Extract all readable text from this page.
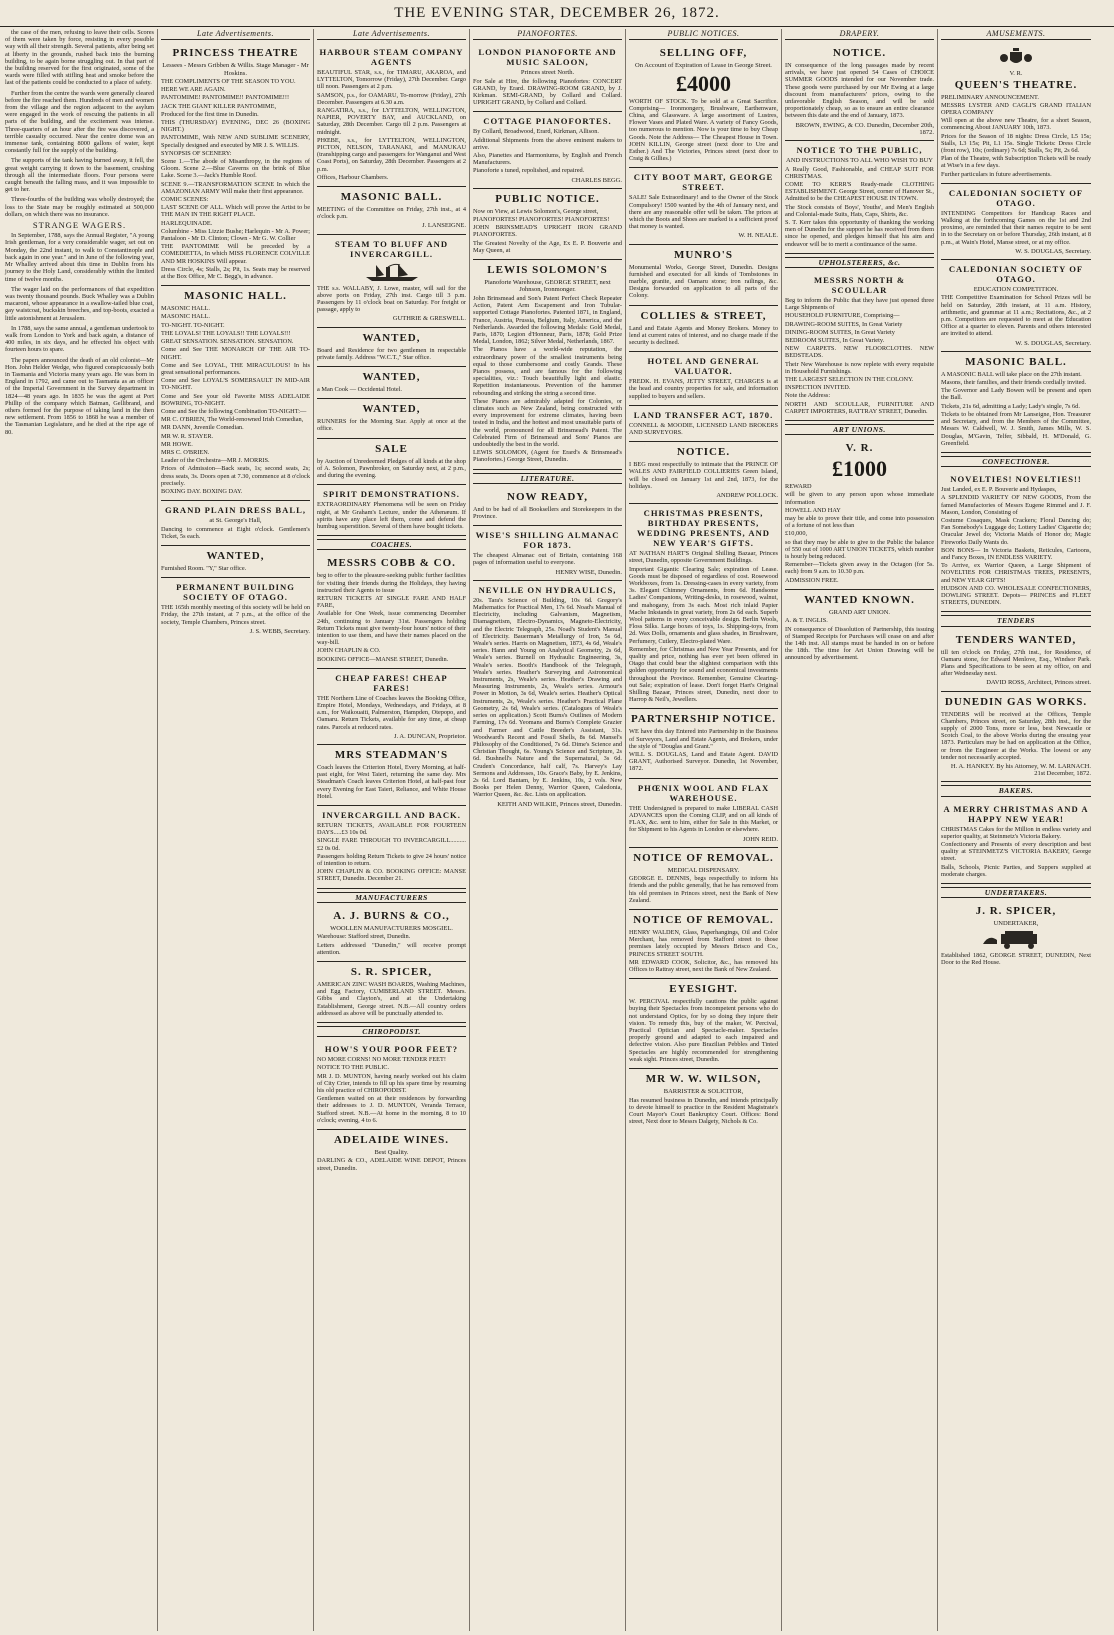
THE EVENING STAR, DECEMBER 26, 1872.

the case of the men, refusing to leave their cells. Scores of them were taken by force, resisting in every possible way with all their strength. Several patients, after being set at liberty in the grounds, rushed back into the burning building, to be again borne struggling out. In that part of the building reserved for the first originated, some of the wards were filled with stifling heat and smoke before the last of the patients could be conducted to a place of safety.

Further from the centre the wards were generally cleared before the fire reached them. Hundreds of men and women from the village and the region adjacent to the asylum were engaged in the work of rescuing the patients in all parts of the building, and the excitement was intense. Three-quarters of an hour after the fire was discovered, a terrible casualty occurred. Near the centre dome was an immense tank, containing 8000 gallons of water, kept constantly full for the supply of the building.

The supports of the tank having burned away, it fell, the great weight carrying it down to the basement, crushing through all the intermediate floors. Four persons were caught beneath the falling mass, and it was impossible to get to her.

Three-fourths of the building was wholly destroyed; the loss to the State may be roughly estimated at 500,000 dollars, on which there was no insurance.

STRANGE WAGERS.

In September, 1788, says the Annual Register, "A young Irish gentleman, for a very considerable wager, set out on Monday, the 22nd instant, to walk to Constantinople and back again in one year." and in June of the following year, Mr Whalley arrived about this time in Dublin from his journey to the Holy Land, considerably within the limited time of twelve months.

The wager laid on the performances of that expedition was twenty thousand pounds. Buck Whalley was a Dublin macaroni, whose appearance in a swallow-tailed blue coat, gay waistcoat, buckskin breeches, and top-boots, exacted a little astonishment at Jerusalem.

In 1788, says the same annual, a gentleman undertook to walk from London to York and back again, a distance of 400 miles, in six days, and he effected his object with fourteen hours to spare.

The papers announced the death of an old colonist—Mr Hon. John Helder Wedge, who figured conspicuously both in Tasmania and Victoria many years ago. He was born in England in 1792, and came out to Tasmania as an officer of the Imperial Government in the Survey department in 1824—48 years ago. In 1835 he was the agent at Port Phillip of the company which Batman, Gellibrand, and others formed for the purpose of taking land in the then new settlement. From 1856 to 1868 he was a member of the Tasmanian Legislature, and he died at the ripe age of 80.

Late Advertisements.
PRINCESS THEATRE
Lessees - Messrs Gribben & Willis. Stage Manager - Mr Hoskins.
THE COMPLIMENTS OF THE SEASON TO YOU.
HERE WE ARE AGAIN.
PANTOMIME! PANTOMIME!! PANTOMIME!!!
JACK THE GIANT KILLER PANTOMIME,
Produced for the first time in Dunedin.
THIS (THURSDAY) EVENING, DEC 26 (BOXING NIGHT.)
PANTOMIME, With NEW AND SUBLIME SCENERY, Specially designed and executed by MR J. S. WILLIS.
SYNOPSIS OF SCENERY:
Scene 1.—The abode of Misanthropy, in the regions of Gloom. Scene 2.—Blue Caverns on the brink of Blue Lake. Scene 3.—Jack's Humble Roof.
SCENE 9.—TRANSFORMATION SCENE In which the AMAZONIAN ARMY Will make their first appearance.
COMIC SCENES:
LAST SCENE OF ALL. Which will prove the Artist to be THE MAN IN THE RIGHT PLACE.
HARLEQUINADE.
Columbine - Miss Lizzie Bushe; Harlequin - Mr A. Power; Pantaloon - Mr D. Clinton; Clown - Mr G. W. Collier
THE PANTOMIME Will be preceded by a COMEDIETTA, In which MISS FLORENCE COLVILLE AND MR HOSKINS Will appear.
Dress Circle, 4s; Stalls, 2s; Pit, 1s. Seats may be reserved at the Box Office, Mr C. Begg's, in advance.
MASONIC HALL.
MASONIC HALL.
MASONIC HALL.
TO-NIGHT. TO-NIGHT.
THE LOYALS! THE LOYALS!! THE LOYALS!!!
GREAT SENSATION. SENSATION. SENSATION.
Come and See THE MONARCH OF THE AIR TO-NIGHT.
Come and See LOYAL, THE MIRACULOUS! In his great sensational performances.
Come and See LOYAL'S SOMERSAULT IN MID-AIR TO-NIGHT.
Come and See your old Favorite MISS ADELAIDE BOWRING, TO-NIGHT.
Come and See the following Combination TO-NIGHT:—
MR C. O'BRIEN, The World-renowned Irish Comedian,
MR DANN, Juvenile Comedian.
MR W. R. STAYER.
MR HOWE.
MRS C. O'BRIEN.
Leader of the Orchestra—MR J. MORRIS.
Prices of Admission—Back seats, 1s; second seats, 2s; dress seats, 3s. Doors open at 7.30, commence at 8 o'clock precisely.
BOXING DAY. BOXING DAY.
GRAND PLAIN DRESS BALL,
at St. George's Hall,
Dancing to commence at Eight o'clock. Gentlemen's Ticket, 5s each.
WANTED,
Furnished Room. "Y," Star office.
PERMANENT BUILDING SOCIETY OF OTAGO.
THE 165th monthly meeting of this society will be held on Friday, the 27th instant, at 7 p.m., at the office of the society, Temple Chambers, Princes street.
J. S. WEBB, Secretary.
Late Advertisements.
HARBOUR STEAM COMPANY AGENTS
BEAUTIFUL STAR, s.s., for TIMARU, AKAROA, and LYTTELTON, Tomorrow (Friday), 27th December. Cargo till noon. Passengers at 2 p.m.
SAMSON, p.s., for OAMARU, To-morrow (Friday), 27th December. Passengers at 6.30 a.m.
RANGATIRA, s.s., for LYTTELTON, WELLINGTON, NAPIER, POVERTY BAY, and AUCKLAND, on Saturday, 28th December. Cargo till 2 p.m. Passengers at midnight.
PHŒBE, s.s., for LYTTELTON, WELLINGTON, PICTON, NELSON, TARANAKI, and MANUKAU (transhipping cargo and passengers for Wanganui and West Coast Ports), on Saturday, 28th December. Passengers at 2 p.m.
Offices, Harbour Chambers.
MASONIC BALL.
MEETING of the Committee on Friday, 27th inst., at 4 o'clock p.m.
J. LANSEIGNE.
STEAM TO BLUFF AND INVERCARGILL.
THE s.s. WALLABY, J. Lowe, master, will sail for the above ports on Friday, 27th inst. Cargo till 3 p.m. Passengers by 11 o'clock boat on Saturday. For freight or passage, apply to
GUTHRIE & GRESWELL.
WANTED,
Board and Residence for two gentlemen in respectable private family. Address "W.C.T.," Star office.
WANTED,
a Man Cook — Occidental Hotel.
WANTED,
RUNNERS for the Morning Star. Apply at once at the office.
SALE
by Auction of Unredeemed Pledges of all kinds at the shop of A. Solomon, Pawnbroker, on Saturday next, at 2 p.m., and during the evening.
SPIRIT DEMONSTRATIONS.
EXTRAORDINARY Phenomena will be seen on Friday night, at Mr Graham's Lecture, under the Athenæum. If spirits have any place left them, come and defend the humbug superstition. Several of them have bought tickets.
COACHES.
MESSRS COBB & CO.
beg to offer to the pleasure-seeking public further facilities for visiting their friends during the Holidays, they having instructed their Agents to issue
RETURN TICKETS AT SINGLE FARE AND HALF FARE,
Available for One Week, issue commencing December 24th, continuing to January 31st. Passengers holding Return Tickets must give twenty-four hours' notice of their intention to use them, and have their names placed on the way-bill.
JOHN CHAPLIN & CO.
BOOKING OFFICE—MANSE STREET, Dunedin.
CHEAP FARES! CHEAP FARES!
THE Northern Line of Coaches leaves the Booking Office, Empire Hotel, Mondays, Wednesdays, and Fridays, at 8 a.m., for Waikouaiti, Palmerston, Hampden, Otepopo, and Oamaru. Return Tickets, available for any time, at cheap rates. Parcels at reduced rates.
J. A. DUNCAN, Proprietor.
MRS STEADMAN'S
Coach leaves the Criterion Hotel, Every Morning, at half-past eight, for West Taieri, returning the same day. Mrs Steadman's Coach leaves Criterion Hotel, at half-past four every Evening for East Taieri, Reliance, and White House Hotel.
INVERCARGILL AND BACK.
RETURN TICKETS, AVAILABLE FOR FOURTEEN DAYS.....£3 10s 0d.
SINGLE FARE THROUGH TO INVERCARGILL..........£2 0s 0d.
Passengers holding Return Tickets to give 24 hours' notice of intention to return.
JOHN CHAPLIN & CO. BOOKING OFFICE: MANSE STREET, Dunedin. December 21.
MANUFACTURERS
A. J. BURNS & CO.,
WOOLLEN MANUFACTURERS MOSGIEL.
Warehouse: Stafford street, Dunedin.
Letters addressed "Dunedin," will receive prompt attention.
S. R. SPICER,
AMERICAN ZINC WASH BOARDS, Washing Machines, and Egg Factory, CUMBERLAND STREET. Messrs. Gibbs and Clayton's, and at the Undertaking Establishment, George street. N.B.—All country orders addressed as above will be punctually attended to.
CHIROPODIST.
HOW'S YOUR POOR FEET?
NO MORE CORNS! NO MORE TENDER FEET!
NOTICE TO THE PUBLIC.
MR J. D. MUNTON, having nearly worked out his claim of City Crier, intends to fill up his spare time by resuming his old practice of CHIROPODIST.
Gentlemen waited on at their residences by forwarding their addresses to J. D. MUNTON, Veranda Terrace, Stafford street. N.B.—At home in the morning, 8 to 10 o'clock; evening, 4 to 6.
ADELAIDE WINES.
Best Quality.
DARLING & CO., ADELAIDE WINE DEPOT, Princes street, Dunedin.
PIANOFORTES.
LONDON PIANOFORTE AND MUSIC SALOON,
Princes street North.
For Sale at Hire, the following Pianofortes: CONCERT GRAND, by Erard. DRAWING-ROOM GRAND, by J. Kirkman. SEMI-GRAND, by Collard and Collard. UPRIGHT GRAND, by Collard and Collard.
COTTAGE PIANOFORTES.
By Collard, Broadwood, Erard, Kirkman, Allison.
Additional Shipments from the above eminent makers to arrive.
Also, Pianettes and Harmoniums, by English and French Manufacturers.
Pianoforte s tuned, repolished, and repaired.
CHARLES BEGG.
PUBLIC NOTICE.
Now on View, at Lewis Solomon's, George street,
PIANOFORTES! PIANOFORTES! PIANOFORTES!
JOHN BRINSMEAD'S UPRIGHT IRON GRAND PIANOFORTES.
The Greatest Novelty of the Age, Ex E. P. Bouverie and May Queen, at
LEWIS SOLOMON'S
Pianoforte Warehouse, GEORGE STREET, next Johnson, Ironmonger.
John Brinsmead and Son's Patent Perfect Check Repeater Action, Patent Arm Escapement and Iron Tubular-supported Cottage Pianofortes. Patented 1871, in England, France, Austria, Prussia, Belgium, Italy, America, and the Netherlands. Awarded the following Medals: Gold Medal, Paris, 1870; Legion d'Honneur, Paris, 1878; Gold Prize Medal, London, 1862; Silver Medal, Netherlands, 1867.
The Pianos have a world-wide reputation, the extraordinary power of the smallest instruments being equal to those cumbersome and costly Grands. These Pianos possess, and are famous for the following specialities, viz.: Touch beautifully light and elastic. Repetition instantaneous. Prevention of the hammer rebounding and striking the string a second time.
These Pianos are admirably adapted for Colonies, or climates such as New Zealand, being constructed with every improvement for extreme climates, having been tested in India, and the hottest and most unsuitable parts of the world, pronounced for all Brinsmead's Patent. The Celebrated Firm of Brinsmead and Sons' Pianos are undoubtedly the best in the world.
LEWIS SOLOMON, (Agent for Erard's & Brinsmead's Pianofortes.) George Street, Dunedin.
LITERATURE.
NOW READY,
And to be had of all Booksellers and Storekeepers in the Province.
WISE'S SHILLING ALMANAC FOR 1873.
The cheapest Almanac out of Britain, containing 168 pages of information useful to everyone.
HENRY WISE, Dunedin.
NEVILLE ON HYDRAULICS,
20s. Tara's Science of Building, 10s 6d. Gregory's Mathematics for Practical Men, 17s 6d. Noad's Manual of Electricity, including Galvanism, Magnetism, Diamagnetism, Electro-Dynamics, Magneto-Electricity, and the Electric Telegraph, 25s. Noad's Student's Manual of Electricity. Bauerman's Metallurgy of Iron, 5s 6d, Weale's series. Harris on Magnetism, 1873, 4s 6d, Weale's series. Hann and Young on Analytical Geometry, 2s 6d, Weale's series. Burnell on Hydraulic Engineering, 3s, Weale's series. Booth's Handbook of the Telegraph, Weale's series. Heather's Surveying and Astronomical Instruments, 2s, Weale's series. Heather's Drawing and Measuring Instruments, 2s, Weale's series. Armour's Power in Motion, 3s 6d, Weale's series. Heather's Optical Instruments, 2s, Weale's series. Heather's Practical Plane Geometry, 2s 6d, Weale's series. (Catalogues of Weale's series on application.) Scott Burns's Outlines of Modern Farming, 17s 6d. Yeomans and Burns's Complete Grazier and Farmer and Cattle Breeder's Assistant, 31s. Woodward's Recent and Fossil Shells, 8s 6d. Mansel's Philosophy of the Conditioned, 7s 6d. Dime's Science and Christian Thought, 6s. Young's Science and Scripture, 2s 6d. Bushnell's Nature and the Supernatural, 3s 6d. Cruden's Concordance, half calf, 7s. Harvey's Lay Sermons and Addresses, 10s. Grace's Baby, by E. Jenkins, 2s 6d. Lord Bantam, by E. Jenkins, 10s, 2 vols. New Books per Helen Denny, Warrior Queen, Caledonia, Warrior Queen, &c. &c. Lists on application.
KEITH AND WILKIE, Princes street, Dunedin.
PUBLIC NOTICES.
SELLING OFF,
On Account of Expiration of Lease in George Street.
£4000
WORTH OF STOCK. To be sold at a Great Sacrifice. Comprising— Ironmongery, Brushware, Earthenware, China, and Glassware. A large assortment of Lustres, Flower Vases and Plated Ware. A variety of Fancy Goods, too numerous to mention. Now is your time to buy Cheap Goods. Note the Address— The Cheapest House in Town. JOHN KILLIN, George street (next door to Ure and Esther.) And The Victories, Princes street (next door to Craig & Gillies.)
CITY BOOT MART, GEORGE STREET.
SALE! Sale Extraordinary! and to the Owner of the Stock Compulsory! 1500 wanted by the 4th of January next, and there are any reasonable offer will be taken. The prices at which the Boots and Shoes are marked is a sufficient proof that money is wanted.
W. H. NEALE.
MUNRO'S
Monumental Works, George Street, Dunedin. Designs furnished and executed for all kinds of Tombstones in marble, granite, and Oamaru stone; iron railings, &c. Designs forwarded on application to all parts of the Colony.
COLLIES & STREET,
Land and Estate Agents and Money Brokers. Money to lend at current rates of interest, and no charge made if the security is declined.
HOTEL AND GENERAL VALUATOR.
FREDK. H. EVANS, JETTY STREET, CHARGES is at the head and country properties for sale, and information supplied to buyers and sellers.
LAND TRANSFER ACT, 1870.
CONNELL & MOODIE, LICENSED LAND BROKERS AND SURVEYORS.
NOTICE.
I BEG most respectfully to intimate that the PRINCE OF WALES AND FAIRFIELD COLLIERIES Green Island, will be closed on January 1st and 2nd, 1873, for the holidays.
ANDREW POLLOCK.
CHRISTMAS PRESENTS, BIRTHDAY PRESENTS, WEDDING PRESENTS, AND NEW YEAR'S GIFTS.
AT NATHAN HART'S Original Shilling Bazaar, Princes street, Dunedin, opposite Government Buildings.
Important Gigantic Clearing Sale; expiration of Lease. Goods must be disposed of regardless of cost. Rosewood Workboxes, from 1s. Dressing-cases in every variety, from 3s. Elegant Chimney Ornaments, from 6d. Handsome Ladies' Companions, Writing-desks, in rosewood, walnut, and mahogany, from 3s each. Most rich inlaid Papier Mache Inkstands in great variety, from 2s 6d each. Superb Wool patterns in every conceivable design. Berlin Wools, Floss Silks. Large boxes of toys, 1s. Shipping-toys, from 2d. Wax Dolls, ornaments and glass shades, in Brushware, Perfumery, Cutlery, Electro-plated Ware.
Remember, for Christmas and New Year Presents, and for quality and price, nothing has ever yet been offered in Otago that could bear the slightest comparison with this golden opportunity for sound and economical investments throughout the Province. Remember, Genuine Clearing-out Sale; expiration of lease. Don't forget Hart's Original Shilling Bazaar, Princes street, Dunedin, next door to Harrop & Neil's, Jewellers.
PARTNERSHIP NOTICE.
WE have this day Entered into Partnership in the Business of Surveyors, Land and Estate Agents, and Brokers, under the style of "Douglas and Grant."
WILL S. DOUGLAS, Land and Estate Agent. DAVID GRANT, Authorised Surveyor. Dunedin, 1st November, 1872.
PHŒNIX WOOL AND FLAX WAREHOUSE.
THE Undersigned is prepared to make LIBERAL CASH ADVANCES upon the Coming CLIP, and on all kinds of FLAX, &c. sent to him, either for Sale in this Market, or for Shipment to his Agents in London or elsewhere.
JOHN REID.
NOTICE OF REMOVAL.
MEDICAL DISPENSARY.
GEORGE E. DENNIS, begs respectfully to inform his friends and the public generally, that he has removed from his old premises in Princes street, next the Bank of New Zealand.
NOTICE OF REMOVAL.
HENRY WALDEN, Glass, Paperhangings, Oil and Color Merchant, has removed from Stafford street to those premises lately occupied by Messrs Brisco and Co., PRINCES STREET SOUTH.
MR EDWARD COOK, Solicitor, &c., has removed his Offices to Rattray street, next the Bank of New Zealand.
EYESIGHT.
W. PERCIVAL respectfully cautions the public against buying their Spectacles from incompetent persons who do not understand Optics, for by so doing they injure their vision. To remedy this, buy of the maker, W. Percival, Practical Optician and Spectacle-maker. Spectacles properly ground and adapted to each impaired and defective vision. Also pure Brazilian Pebbles and Tinted Spectacles are highly recommended for strengthening weak sight. Princes street, Dunedin.
MR W. W. WILSON,
BARRISTER & SOLICITOR,
Has resumed business in Dunedin, and intends principally to devote himself to practice in the Resident Magistrate's Court Mayor's Court Bankruptcy Court. Offices: Bond street, Next door to Messrs Dalgety, Nichols & Co.
DRAPERY.
NOTICE.
IN consequence of the long passages made by recent arrivals, we have just opened 54 Cases of CHOICE SUMMER GOODS intended for our November trade. These goods were purchased by our Mr Ewing at a large discount from manufacturers' prices, owing to the unfavorable English Season, and will be sold proportionately cheap, so as to ensure an entire clearance between this date and the end of January, 1873.
BROWN, EWING, & CO. Dunedin, December 20th, 1872.
NOTICE TO THE PUBLIC,
AND INSTRUCTIONS TO ALL WHO WISH TO BUY
A Really Good, Fashionable, and CHEAP SUIT FOR CHRISTMAS.
COME TO KERR'S Ready-made CLOTHING ESTABLISHMENT. George Street, corner of Hanover St., Admitted to be the CHEAPEST HOUSE IN TOWN.
The Stock consists of Boys', Youths', and Men's English and Colonial-made Suits, Hats, Caps, Shirts, &c.
S. T. Kerr takes this opportunity of thanking the working men of Dunedin for the support he has received from them since he opened, and pledges himself that his aim and endeavor will be to merit a continuance of the same.
UPHOLSTERERS, &c.
MESSRS NORTH & SCOULLAR
Beg to inform the Public that they have just opened three Large Shipments of
HOUSEHOLD FURNITURE, Comprising—
DRAWING-ROOM SUITES, In Great Variety
DINING-ROOM SUITES, In Great Variety
BEDROOM SUITES, In Great Variety.
NEW CARPETS. NEW FLOORCLOTHS. NEW BEDSTEADS.
Their New Warehouse is now replete with every requisite in Household Furnishings.
THE LARGEST SELECTION IN THE COLONY.
INSPECTION INVITED.
Note the Address:
NORTH AND SCOULLAR, FURNITURE AND CARPET IMPORTERS, RATTRAY STREET, Dunedin.
ART UNIONS.
V. R.
£1000
REWARD
will be given to any person upon whose immediate information
HOWELL AND HAY
may be able to prove their title, and come into possession of a fortune of not less than
£10,000,
so that they may be able to give to the Public the balance of 550 out of 1000 ART UNION TICKETS, which number is hourly being reduced.
Remember—Tickets given away in the Octagon (for 5s. each) from 9 a.m. to 10.30 p.m.
ADMISSION FREE.
WANTED KNOWN.
GRAND ART UNION.
A. & T. INGLIS.
IN consequence of Dissolution of Partnership, this issuing of Stamped Receipts for Purchases will cease on and after the 14th inst. All stamps must be handed in on or before the 18th. The time for Art Union Drawing will be announced by advertisement.
AMUSEMENTS.
V. R.
QUEEN'S THEATRE.
PRELIMINARY ANNOUNCEMENT.
MESSRS LYSTER AND CAGLI'S GRAND ITALIAN OPERA COMPANY
Will open at the above new Theatre, for a short Season, commencing About JANUARY 10th, 1873.
Prices for the Season of 18 nights: Dress Circle, L5 15s; Stalls, L3 15s; Pit, L1 15s. Single Tickets: Dress Circle (front row), 10s; (ordinary) 7s 6d; Stalls, 5s; Pit, 2s 6d.
Plan of the Theatre, with Subscription Tickets will be ready at Wise's in a few days.
Further particulars in future advertisements.
CALEDONIAN SOCIETY OF OTAGO.
INTENDING Competitors for Handicap Races and Walking at the forthcoming Games on the 1st and 2nd proximo, are reminded that their names require to be sent in to the Secretary on or before Thursday, 26th instant, at 8 p.m., at Wain's Hotel, Manse street, or at my office.
W. S. DOUGLAS, Secretary.
CALEDONIAN SOCIETY OF OTAGO.
EDUCATION COMPETITION.
THE Competitive Examination for School Prizes will be held on Saturday, 28th instant, at 11 a.m. History, arithmetic, and grammar at 11 a.m.; Recitations, &c., at 2 p.m. Competitors are requested to meet at the Education Office at a quarter to eleven. Parents and others interested are invited to attend.
W. S. DOUGLAS, Secretary.
MASONIC BALL.
A MASONIC BALL will take place on the 27th instant.
Masons, their families, and their friends cordially invited.
The Governor and Lady Bowen will be present and open the Ball.
Tickets, 21s 6d, admitting a Lady; Lady's single, 7s 6d.
Tickets to be obtained from Mr Lanseigne, Hon. Treasurer and Secretary, and from the Members of the Committee, Messrs W. Caldwell, W. J. Smith, James Mills, W. S. Douglas, M'Gavin, Telfer, Sibbald, H. M'Donald, G. Greenfield.
CONFECTIONER.
NOVELTIES! NOVELTIES!!
Just Landed, ex E. P. Bouverie and Hydaspes,
A SPLENDID VARIETY OF NEW GOODS, From the famed Manufactories of Messrs Eugene Rimmel and J. F. Mason, London, Consisting of
Costume Cosaques, Mask Crackers; Floral Dancing do; Fan Somebody's Luggage do; Lottery Ladies' Cigarette do; Oracular Jewel do; Victoria Maids of Honor do; Magic Fireworks Daily Wants do.
BON BONS— In Victoria Baskets, Reticules, Cartoons, and Fancy Boxes, IN ENDLESS VARIETY.
To Arrive, ex Warrior Queen, a Large Shipment of NOVELTIES FOR CHRISTMAS TREES, PRESENTS, and NEW YEAR GIFTS!
HUDSON AND CO. WHOLESALE CONFECTIONERS, DOWLING STREET. Depots— PRINCES and FLEET STREETS, DUNEDIN.
TENDERS
TENDERS WANTED,
till ten o'clock on Friday, 27th inst., for Residence, of Oamaru stone, for Edward Menlove, Esq., Windsor Park. Plans and Specifications to be seen at my office, on and after Wednesday next.
DAVID ROSS, Architect, Princes street.
DUNEDIN GAS WORKS.
TENDERS will be received at the Offices, Temple Chambers, Princes street, on Saturday, 28th inst., for the supply of 2000 Tons, more or less, best Newcastle or Scotch Coal, to the above Works during the ensuing year 1873. Particulars may be had on application at the Office, or from the Engineer at the Works. The lowest or any tender not necessarily accepted.
H. A. HANKEY. By his Attorney, W. M. LARNACH. 21st December, 1872.
BAKERS.
A MERRY CHRISTMAS AND A HAPPY NEW YEAR!
CHRISTMAS Cakes for the Million in endless variety and superior quality, at Steinmetz's Victoria Bakery.
Confectionery and Presents of every description and best quality at STEINMETZ'S VICTORIA BAKERY, George street.
Balls, Schools, Picnic Parties, and Suppers supplied at moderate charges.
UNDERTAKERS.
J. R. SPICER,
UNDERTAKER,
Established 1862, GEORGE STREET, DUNEDIN, Next Door to the Red House.
